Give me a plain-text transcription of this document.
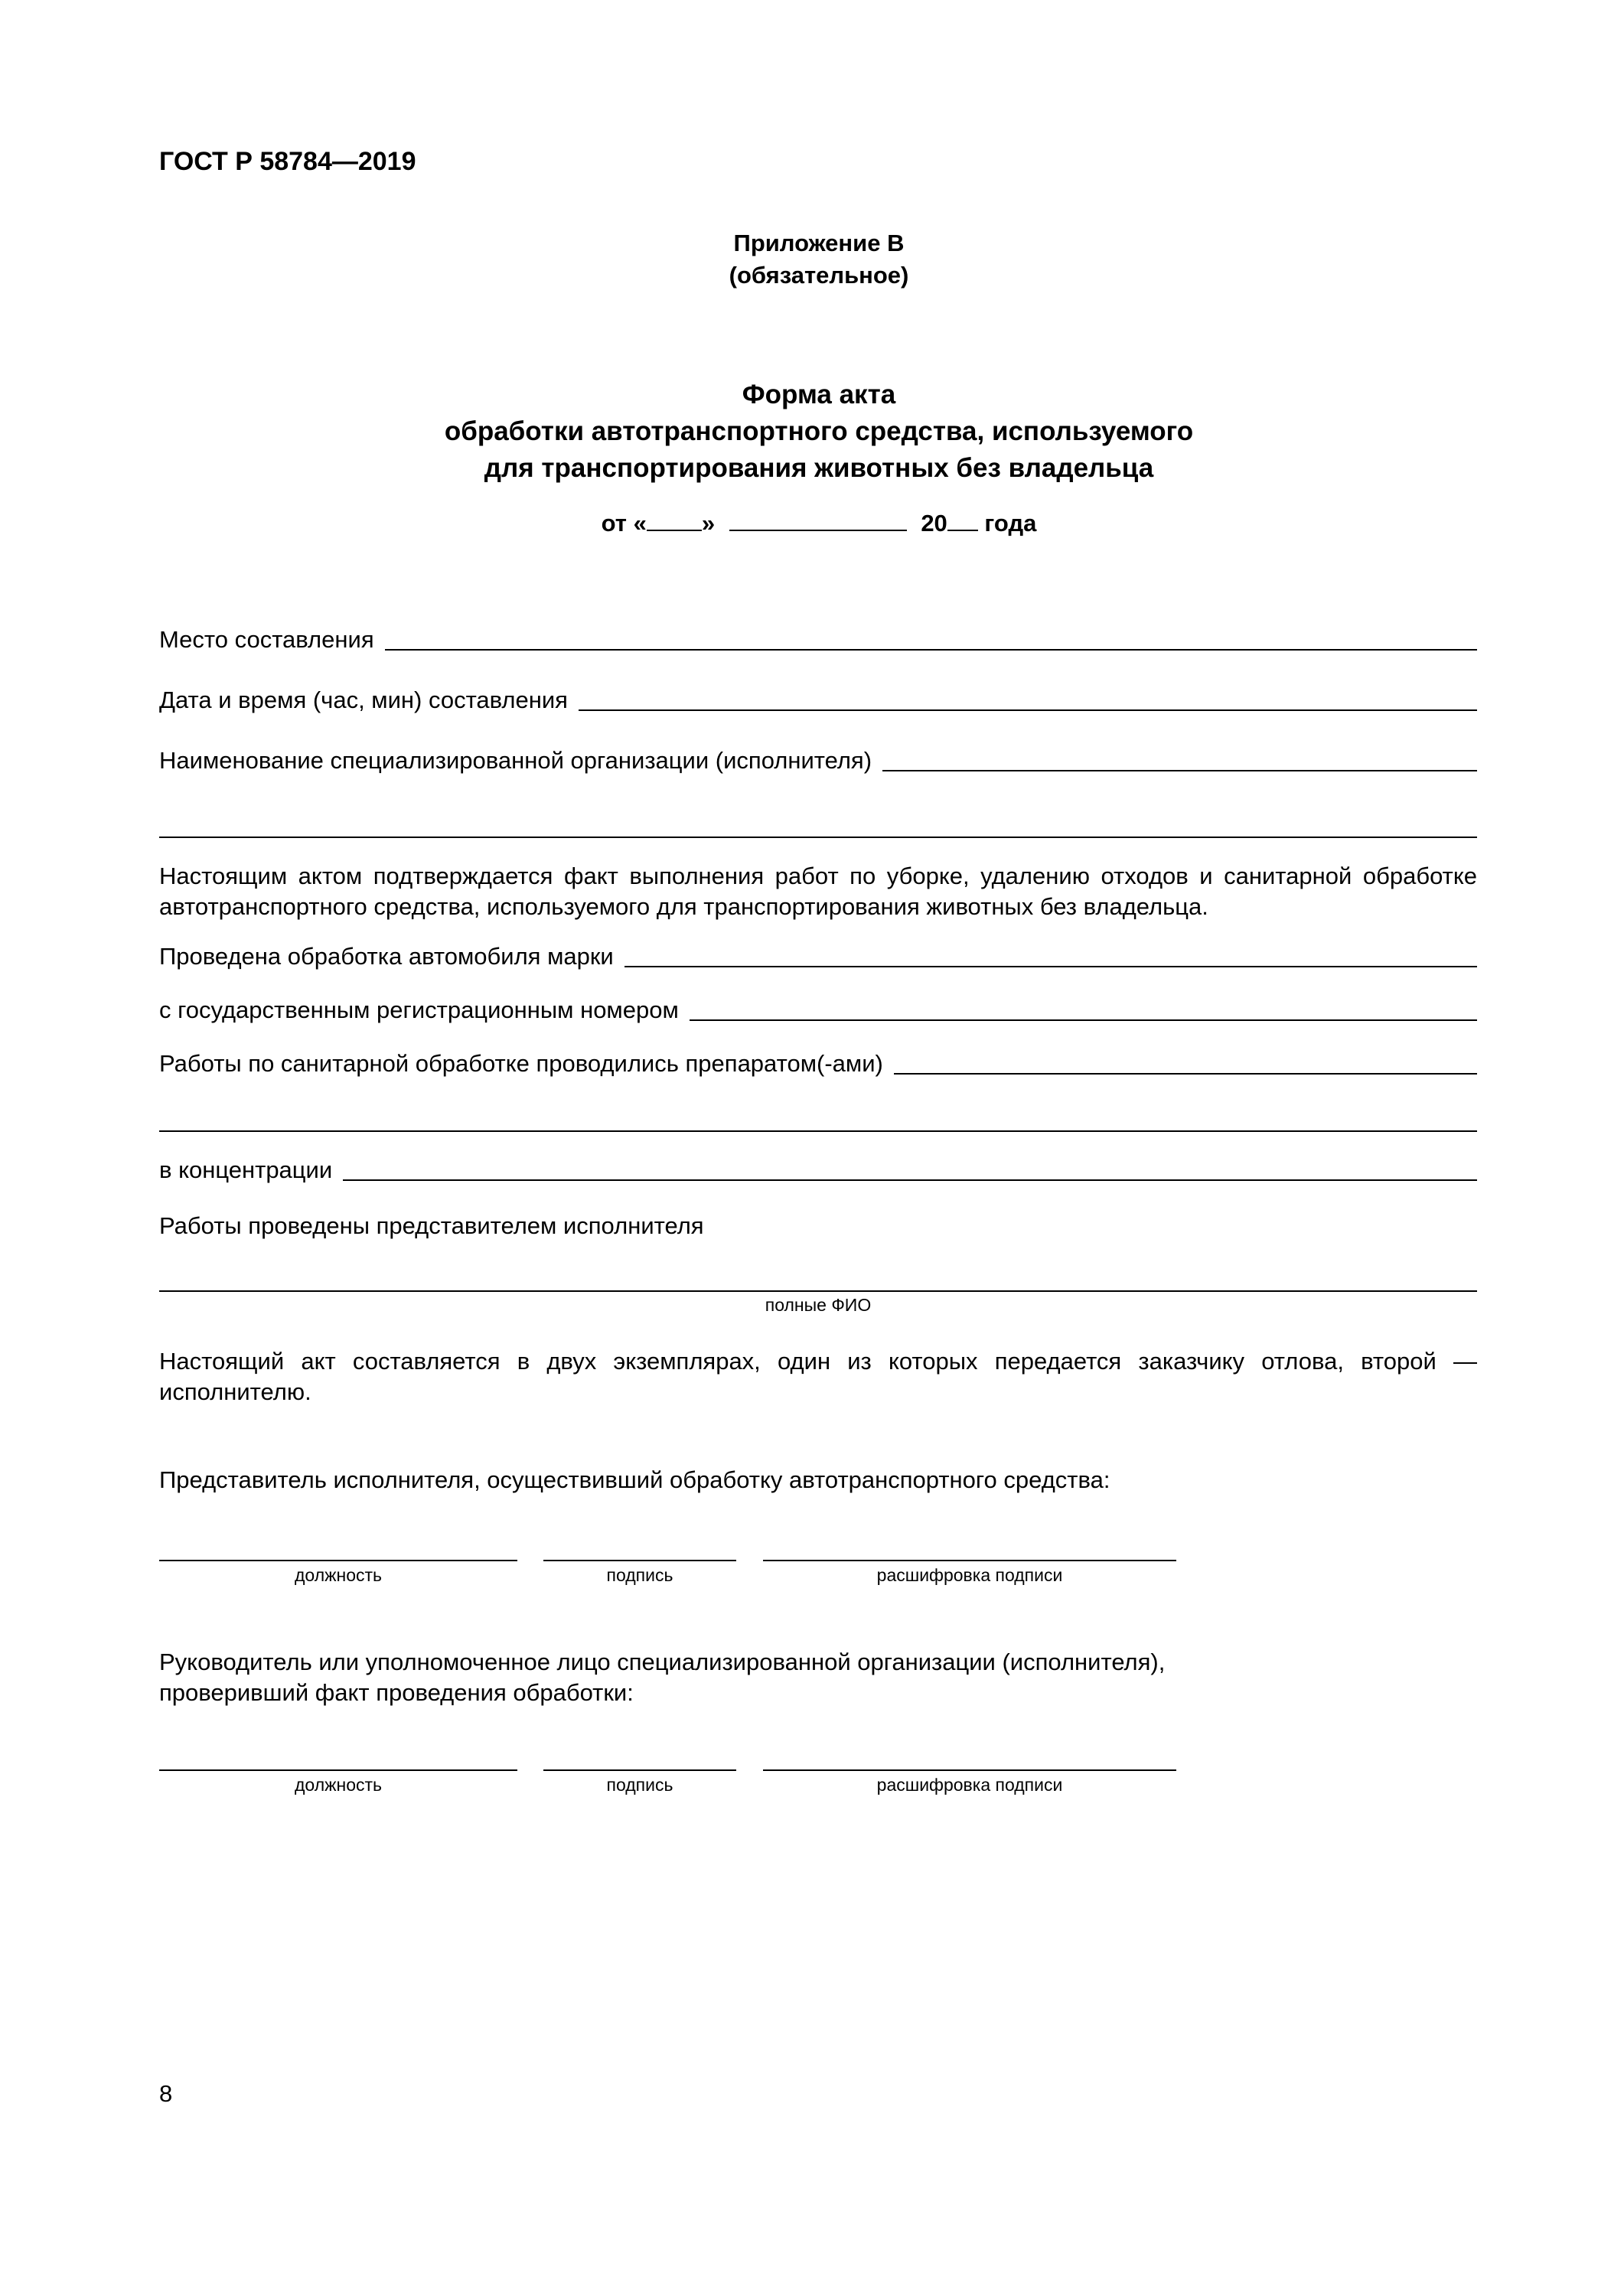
ГОСТ Р 58784—2019
Приложение В
(обязательное)
Форма акта
обработки автотранспортного средства, используемого
для транспортирования животных без владельца
от « »	20 года
Место составления
Дата и время (час, мин) составления
Наименование специализированной организации (исполнителя)
Настоящим актом подтверждается факт выполнения работ по уборке, удалению отходов и санитарной обработке автотранспортного средства, используемого для транспортирования животных без владельца.
Проведена обработка автомобиля марки
с государственным регистрационным номером
Работы по санитарной обработке проводились препаратом(-ами)
в концентрации
Работы проведены представителем исполнителя
полные ФИО
Настоящий акт составляется в двух экземплярах, один из которых передается заказчику отлова, второй — исполнителю.
Представитель исполнителя, осуществивший обработку автотранспортного средства:
должность	подпись	расшифровка подписи
Руководитель или уполномоченное лицо специализированной организации (исполнителя),
проверивший факт проведения обработки:
должность	подпись	расшифровка подписи
8
